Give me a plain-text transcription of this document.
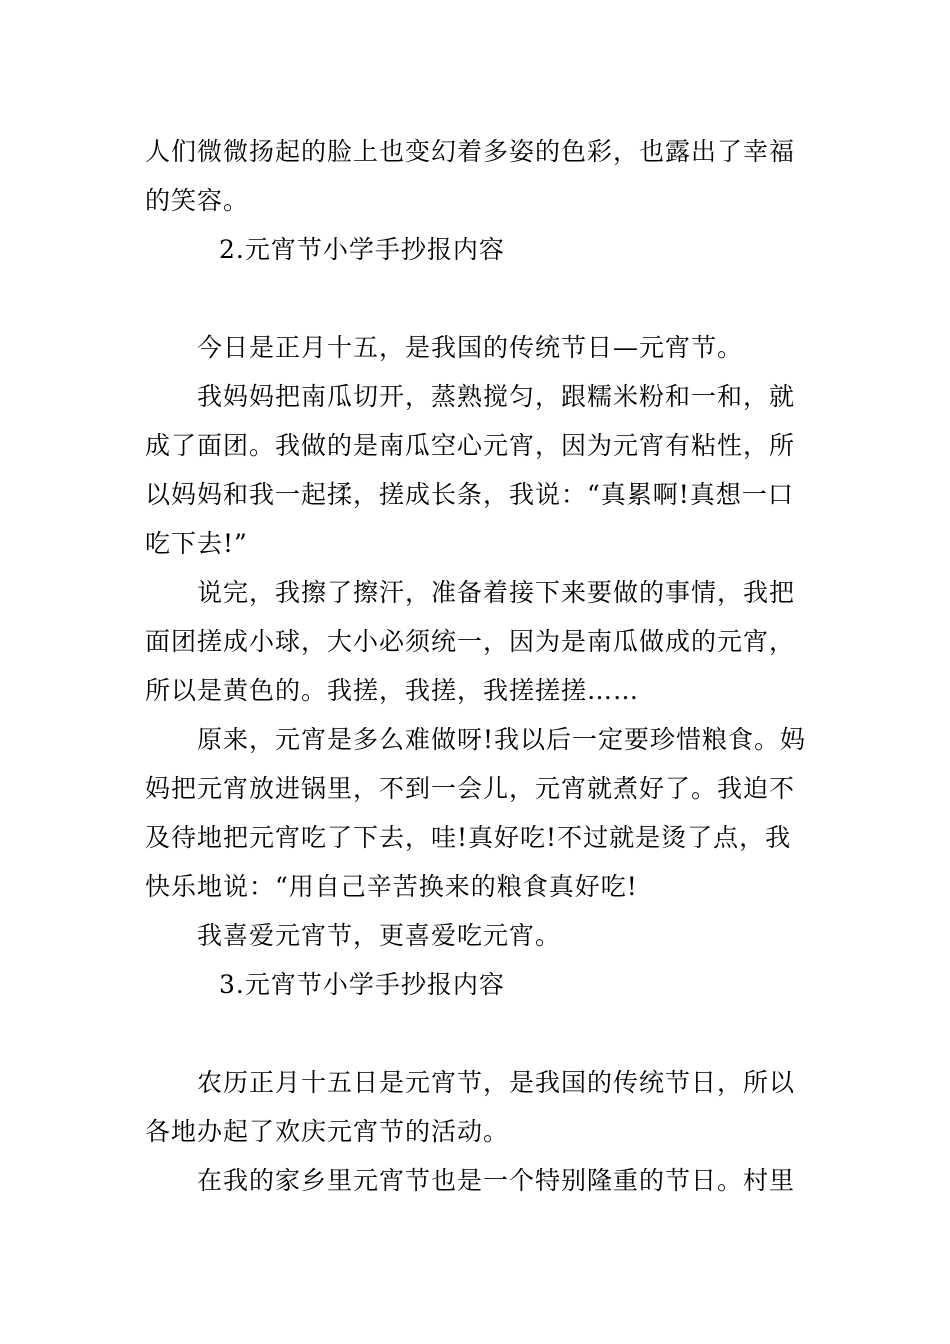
人们微微扬起的脸上也变幻着多姿的色彩，也露出了幸福的笑容。

2.元宵节小学手抄报内容

今日是正月十五，是我国的传统节日—元宵节。

我妈妈把南瓜切开，蒸熟搅匀，跟糯米粉和一和，就成了面团。我做的是南瓜空心元宵，因为元宵有粘性，所以妈妈和我一起揉，搓成长条，我说：“真累啊!真想一口吃下去!”

说完，我擦了擦汗，准备着接下来要做的事情，我把面团搓成小球，大小必须统一，因为是南瓜做成的元宵，所以是黄色的。我搓，我搓，我搓搓搓……

原来，元宵是多么难做呀!我以后一定要珍惜粮食。妈妈把元宵放进锅里，不到一会儿，元宵就煮好了。我迫不及待地把元宵吃了下去，哇!真好吃!不过就是烫了点，我快乐地说：“用自己辛苦换来的粮食真好吃!

我喜爱元宵节，更喜爱吃元宵。

3.元宵节小学手抄报内容

农历正月十五日是元宵节，是我国的传统节日，所以各地办起了欢庆元宵节的活动。

在我的家乡里元宵节也是一个特别隆重的节日。村里
